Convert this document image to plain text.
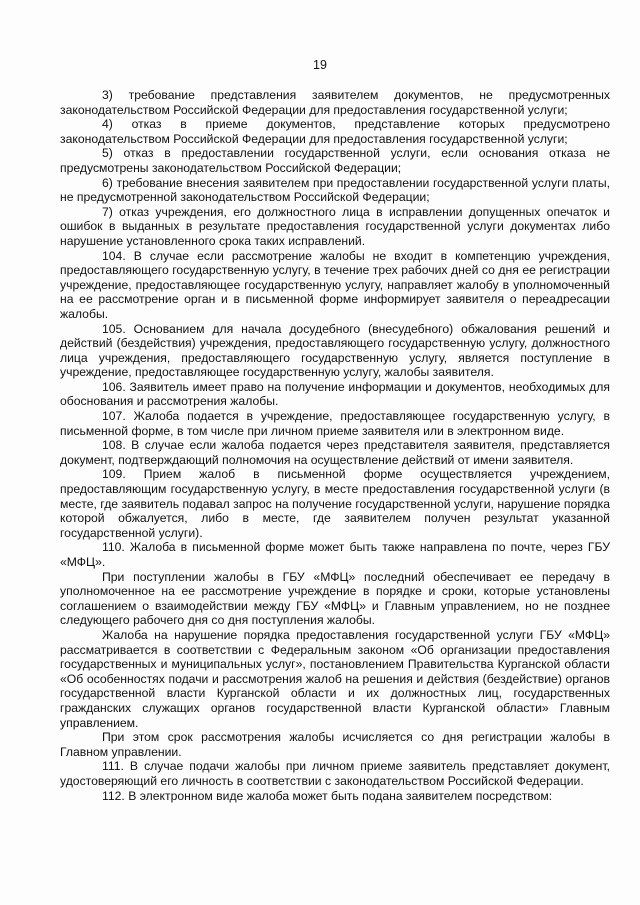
19

3) требование представления заявителем документов, не предусмотренных законодательством Российской Федерации для предоставления государственной услуги;

4) отказ в приеме документов, представление которых предусмотрено законодательством Российской Федерации для предоставления государственной услуги;

5) отказ в предоставлении государственной услуги, если основания отказа не предусмотрены законодательством Российской Федерации;

6) требование внесения заявителем при предоставлении государственной услуги платы, не предусмотренной законодательством Российской Федерации;

7) отказ учреждения, его должностного лица в исправлении допущенных опечаток и ошибок в выданных в результате предоставления государственной услуги документах либо нарушение установленного срока таких исправлений.

104. В случае если рассмотрение жалобы не входит в компетенцию учреждения, предоставляющего государственную услугу, в течение трех рабочих дней со дня ее регистрации учреждение, предоставляющее государственную услугу, направляет жалобу в уполномоченный на ее рассмотрение орган и в письменной форме информирует заявителя о переадресации жалобы.

105. Основанием для начала досудебного (внесудебного) обжалования решений и действий (бездействия) учреждения, предоставляющего государственную услугу, должностного лица учреждения, предоставляющего государственную услугу, является поступление в учреждение, предоставляющее государственную услугу, жалобы заявителя.

106. Заявитель имеет право на получение информации и документов, необходимых для обоснования и рассмотрения жалобы.

107. Жалоба подается в учреждение, предоставляющее государственную услугу, в письменной форме, в том числе при личном приеме заявителя или в электронном виде.

108. В случае если жалоба подается через представителя заявителя, представляется документ, подтверждающий полномочия на осуществление действий от имени заявителя.

109. Прием жалоб в письменной форме осуществляется учреждением, предоставляющим государственную услугу, в месте предоставления государственной услуги (в месте, где заявитель подавал запрос на получение государственной услуги, нарушение порядка которой обжалуется, либо в месте, где заявителем получен результат указанной государственной услуги).

110. Жалоба в письменной форме может быть также направлена по почте, через ГБУ «МФЦ».

При поступлении жалобы в ГБУ «МФЦ» последний обеспечивает ее передачу в уполномоченное на ее рассмотрение учреждение в порядке и сроки, которые установлены соглашением о взаимодействии между ГБУ «МФЦ» и Главным управлением, но не позднее следующего рабочего дня со дня поступления жалобы.

Жалоба на нарушение порядка предоставления государственной услуги ГБУ «МФЦ» рассматривается в соответствии с Федеральным законом «Об организации предоставления государственных и муниципальных услуг», постановлением Правительства Курганской области «Об особенностях подачи и рассмотрения жалоб на решения и действия (бездействие) органов государственной власти Курганской области и их должностных лиц, государственных гражданских служащих органов государственной власти Курганской области» Главным управлением.

При этом срок рассмотрения жалобы исчисляется со дня регистрации жалобы в Главном управлении.

111. В случае подачи жалобы при личном приеме заявитель представляет документ, удостоверяющий его личность в соответствии с законодательством Российской Федерации.

112. В электронном виде жалоба может быть подана заявителем посредством:
